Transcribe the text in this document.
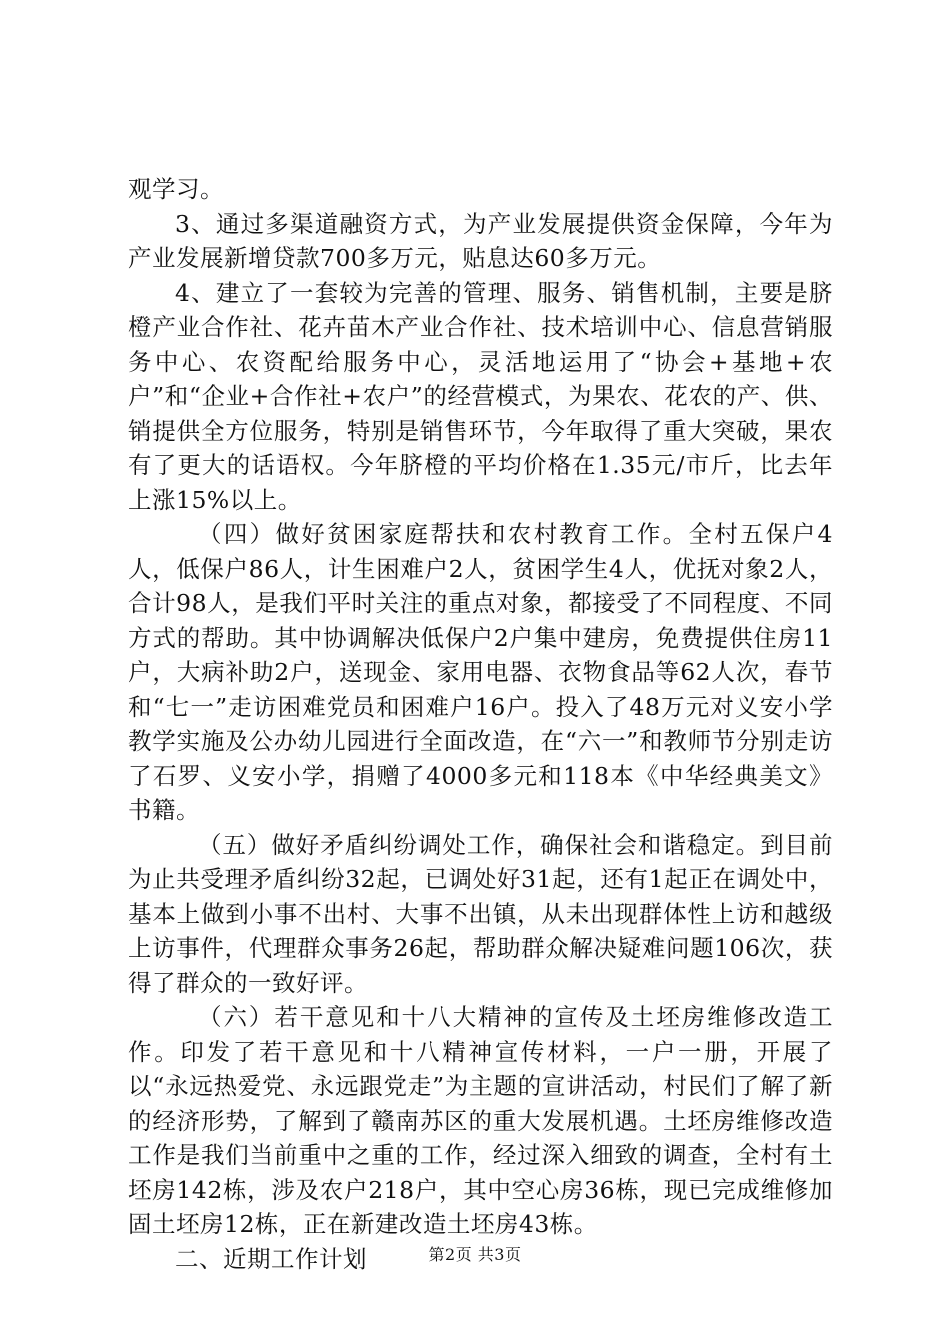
观学习。

3、通过多渠道融资方式，为产业发展提供资金保障，今年为产业发展新增贷款700多万元，贴息达60多万元。

4、建立了一套较为完善的管理、服务、销售机制，主要是脐橙产业合作社、花卉苗木产业合作社、技术培训中心、信息营销服务中心、农资配给服务中心，灵活地运用了“协会+基地+农户”和“企业+合作社+农户”的经营模式，为果农、花农的产、供、销提供全方位服务，特别是销售环节，今年取得了重大突破，果农有了更大的话语权。今年脐橙的平均价格在1.35元/市斤，比去年上涨15%以上。

（四）做好贫困家庭帮扶和农村教育工作。全村五保户4人，低保户86人，计生困难户2人，贫困学生4人，优抚对象2人，合计98人，是我们平时关注的重点对象，都接受了不同程度、不同方式的帮助。其中协调解决低保户2户集中建房，免费提供住房11户，大病补助2户，送现金、家用电器、衣物食品等62人次，春节和“七一”走访困难党员和困难户16户。投入了48万元对义安小学教学实施及公办幼儿园进行全面改造，在“六一”和教师节分别走访了石罗、义安小学，捐赠了4000多元和118本《中华经典美文》书籍。

（五）做好矛盾纠纷调处工作，确保社会和谐稳定。到目前为止共受理矛盾纠纷32起，已调处好31起，还有1起正在调处中，基本上做到小事不出村、大事不出镇，从未出现群体性上访和越级上访事件，代理群众事务26起，帮助群众解决疑难问题106次，获得了群众的一致好评。

（六）若干意见和十八大精神的宣传及土坯房维修改造工作。印发了若干意见和十八精神宣传材料，一户一册，开展了以“永远热爱党、永远跟党走”为主题的宣讲活动，村民们了解了新的经济形势，了解到了赣南苏区的重大发展机遇。土坯房维修改造工作是我们当前重中之重的工作，经过深入细致的调查，全村有土坯房142栋，涉及农户218户，其中空心房36栋，现已完成维修加固土坯房12栋，正在新建改造土坯房43栋。

二、近期工作计划	第2页 共3页
